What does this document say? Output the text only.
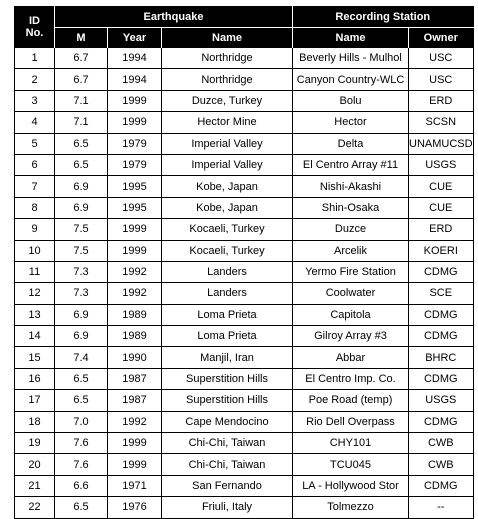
ID
No.	Earthquake			Recording Station	
	M	Year	Name	Name	Owner
1	6.7	1994	Northridge	Beverly Hills - Mulhol	USC
2	6.7	1994	Northridge	Canyon Country-WLC	USC
3	7.1	1999	Duzce, Turkey	Bolu	ERD
4	7.1	1999	Hector Mine	Hector	SCSN
5	6.5	1979	Imperial Valley	Delta	UNAMUCSD
6	6.5	1979	Imperial Valley	El Centro Array #11	USGS
7	6.9	1995	Kobe, Japan	Nishi-Akashi	CUE
8	6.9	1995	Kobe, Japan	Shin-Osaka	CUE
9	7.5	1999	Kocaeli, Turkey	Duzce	ERD
10	7.5	1999	Kocaeli, Turkey	Arcelik	KOERI
11	7.3	1992	Landers	Yermo Fire Station	CDMG
12	7.3	1992	Landers	Coolwater	SCE
13	6.9	1989	Loma Prieta	Capitola	CDMG
14	6.9	1989	Loma Prieta	Gilroy Array #3	CDMG
15	7.4	1990	Manjil, Iran	Abbar	BHRC
16	6.5	1987	Superstition Hills	El Centro Imp. Co.	CDMG
17	6.5	1987	Superstition Hills	Poe Road (temp)	USGS
18	7.0	1992	Cape Mendocino	Rio Dell Overpass	CDMG
19	7.6	1999	Chi-Chi, Taiwan	CHY101	CWB
20	7.6	1999	Chi-Chi, Taiwan	TCU045	CWB
21	6.6	1971	San Fernando	LA - Hollywood Stor	CDMG
22	6.5	1976	Friuli, Italy	Tolmezzo	--
